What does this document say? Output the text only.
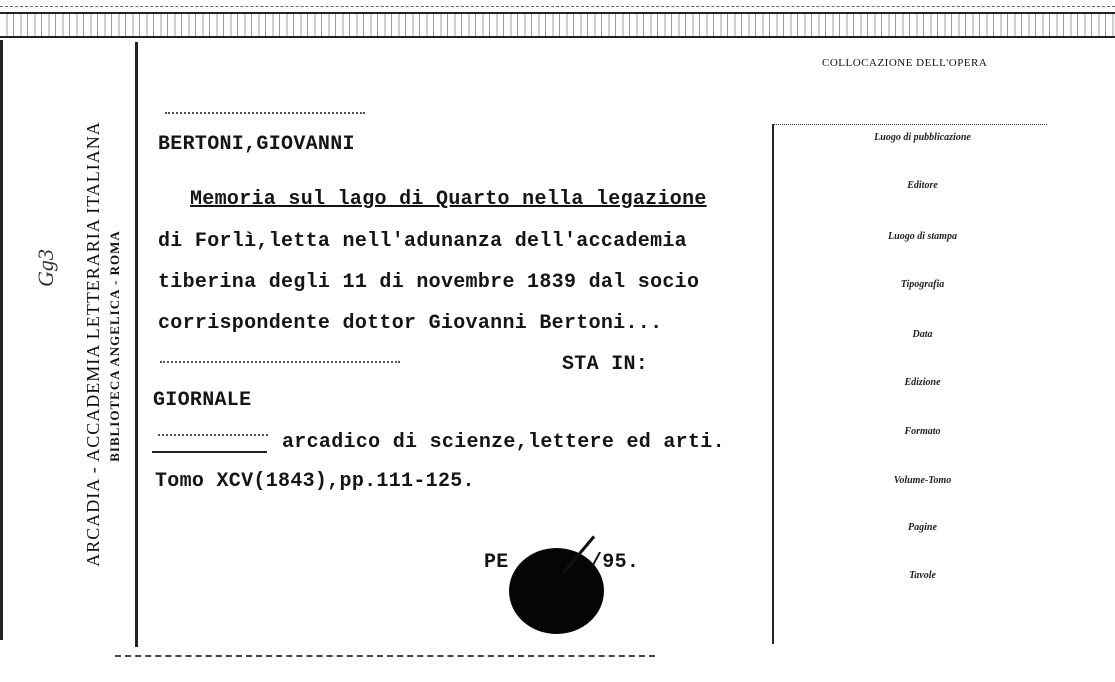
ARCADIA - ACCADEMIA LETTERARIA ITALIANA BIBLIOTECA ANGELICA - ROMA
Gg3
COLLOCAZIONE DELL'OPERA
BERTONI,GIOVANNI
Memoria sul lago di Quarto nella legazione
di Forlì,letta nell'adunanza dell'accademia
tiberina degli 11 di novembre 1839 dal socio
corrispondente dottor Giovanni Bertoni...
STA IN:
GIORNALE
arcadico di scienze,lettere ed arti.
Tomo XCV(1843),pp.111-125.
PE	/95.
Luogo di pubblicazione
Editore
Luogo di stampa
Tipografia
Data
Edizione
Formato
Volume-Tomo
Pagine
Tavole
